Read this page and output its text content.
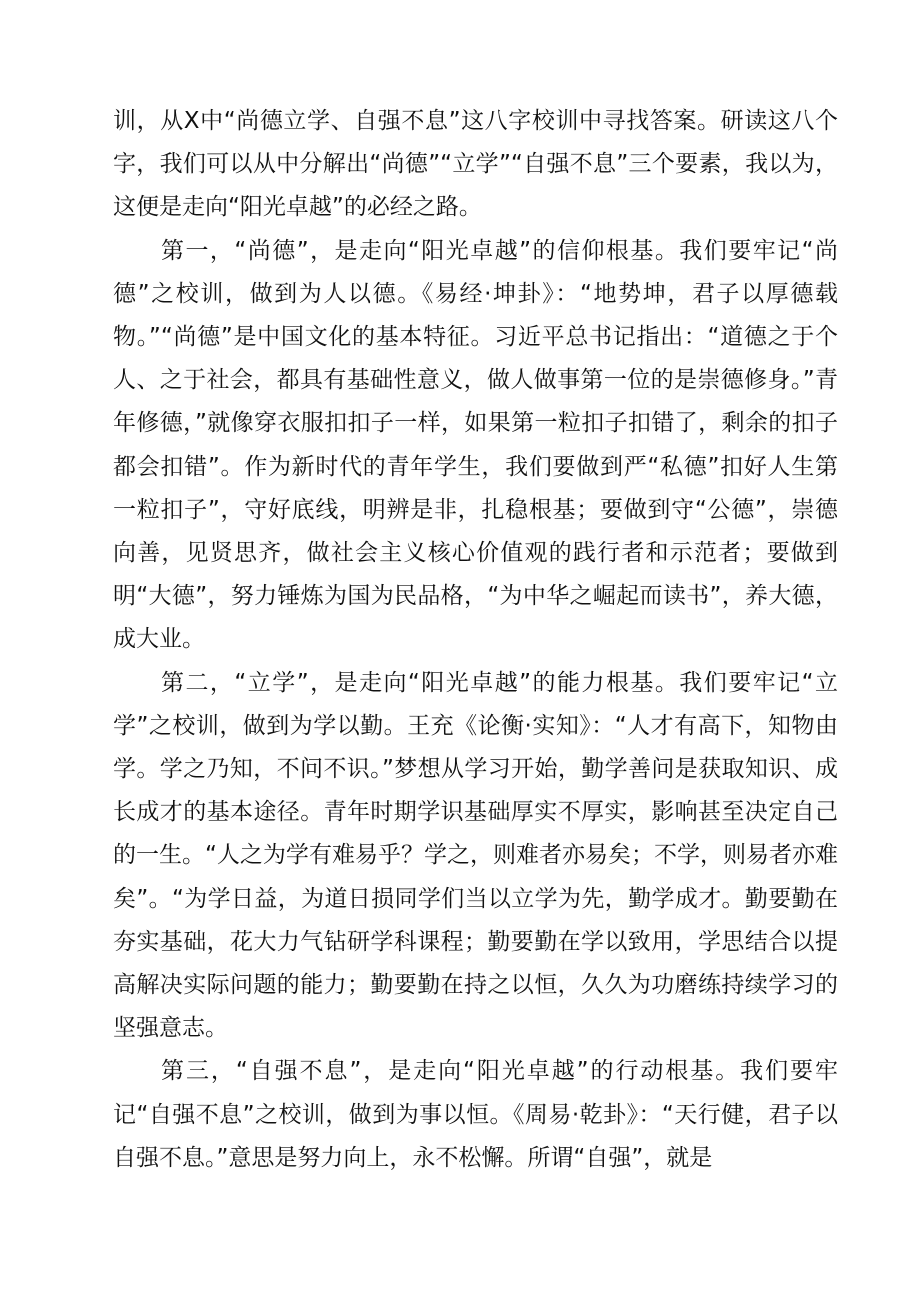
训，从X中“尚德立学、自强不息”这八字校训中寻找答案。研读这八个字，我们可以从中分解出“尚德”“立学”“自强不息”三个要素，我以为，这便是走向“阳光卓越”的必经之路。

第一，“尚德”，是走向“阳光卓越”的信仰根基。我们要牢记“尚德”之校训，做到为人以德。《易经·坤卦》：“地势坤，君子以厚德载物。”“尚德”是中国文化的基本特征。习近平总书记指出：“道德之于个人、之于社会，都具有基础性意义，做人做事第一位的是崇德修身。”青年修德，”就像穿衣服扣扣子一样，如果第一粒扣子扣错了，剩余的扣子都会扣错”。作为新时代的青年学生，我们要做到严“私德”扣好人生第一粒扣子”，守好底线，明辨是非，扎稳根基；要做到守“公德”，崇德向善，见贤思齐，做社会主义核心价值观的践行者和示范者；要做到明“大德”，努力锤炼为国为民品格，“为中华之崛起而读书”，养大德，成大业。

第二，“立学”，是走向“阳光卓越”的能力根基。我们要牢记“立学”之校训，做到为学以勤。王充《论衡·实知》：“人才有高下，知物由学。学之乃知，不问不识。”梦想从学习开始，勤学善问是获取知识、成长成才的基本途径。青年时期学识基础厚实不厚实，影响甚至决定自己的一生。“人之为学有难易乎？学之，则难者亦易矣；不学，则易者亦难矣”。“为学日益，为道日损同学们当以立学为先，勤学成才。勤要勤在夯实基础，花大力气钻研学科课程；勤要勤在学以致用，学思结合以提高解决实际问题的能力；勤要勤在持之以恒，久久为功磨练持续学习的坚强意志。

第三，“自强不息”，是走向“阳光卓越”的行动根基。我们要牢记“自强不息”之校训，做到为事以恒。《周易·乾卦》：“天行健，君子以自强不息。”意思是努力向上，永不松懈。所谓“自强”，就是
